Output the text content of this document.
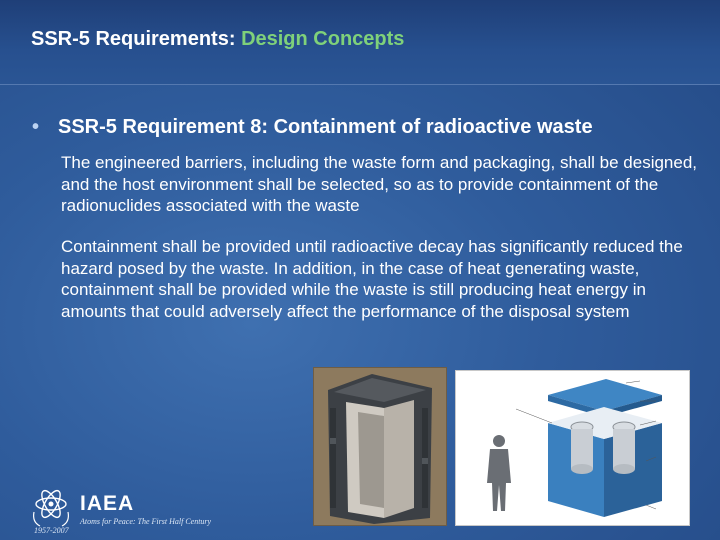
SSR-5 Requirements: Design Concepts
• SSR-5 Requirement 8: Containment of radioactive waste

The engineered barriers, including the waste form and packaging, shall be designed, and the host environment shall be selected, so as to provide containment of the radionuclides associated with the waste

Containment shall be provided until radioactive decay has significantly reduced the hazard posed by the waste. In addition, in the case of heat generating waste, containment shall be provided while the waste is still producing heat energy in amounts that could adversely affect the performance of the disposal system

IAEA
Atoms for Peace: The First Half Century
1957-2007
